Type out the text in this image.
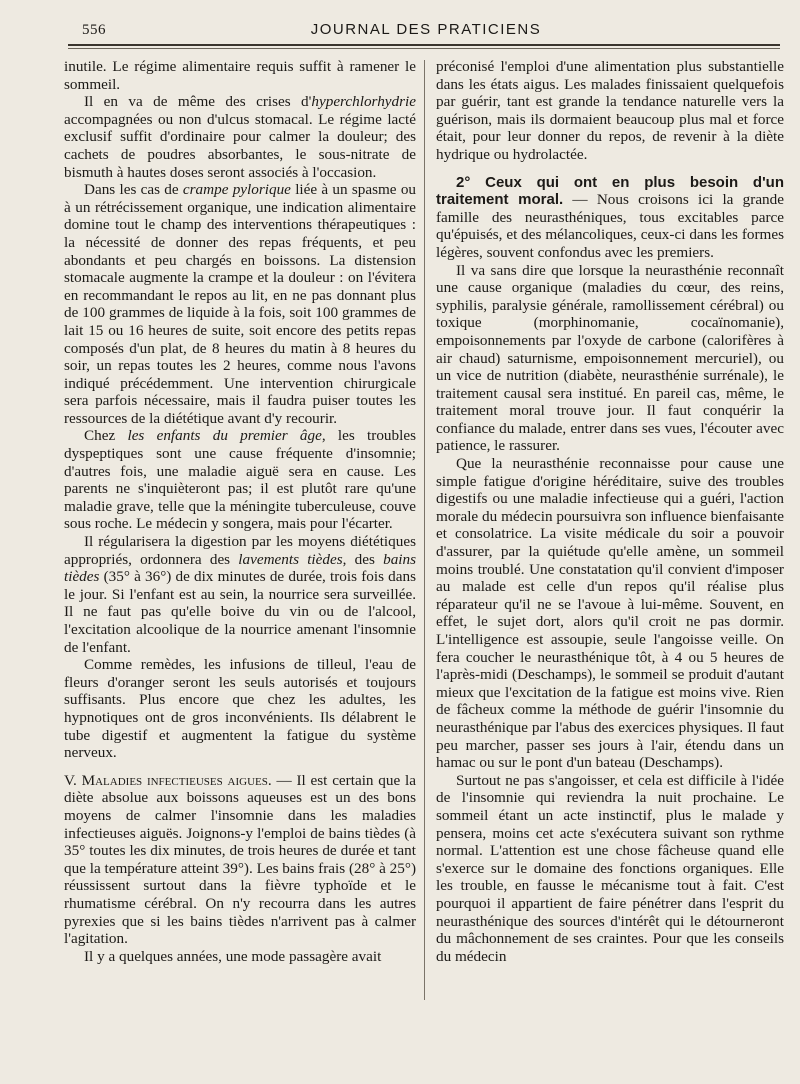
556	JOURNAL DES PRATICIENS

inutile. Le régime alimentaire requis suffit à ramener le sommeil.

Il en va de même des crises d'hyperchlorhydrie accompagnées ou non d'ulcus stomacal. Le régime lacté exclusif suffit d'ordinaire pour calmer la douleur; des cachets de poudres absorbantes, le sous-nitrate de bismuth à hautes doses seront associés à l'occasion.

Dans les cas de crampe pylorique liée à un spasme ou à un rétrécissement organique, une indication alimentaire domine tout le champ des interventions thérapeutiques : la nécessité de donner des repas fréquents, et peu abondants et peu chargés en boissons. La distension stomacale augmente la crampe et la douleur : on l'évitera en recommandant le repos au lit, en ne pas donnant plus de 100 grammes de liquide à la fois, soit 100 grammes de lait 15 ou 16 heures de suite, soit encore des petits repas composés d'un plat, de 8 heures du matin à 8 heures du soir, un repas toutes les 2 heures, comme nous l'avons indiqué précédemment. Une intervention chirurgicale sera parfois nécessaire, mais il faudra puiser toutes les ressources de la diététique avant d'y recourir.

Chez les enfants du premier âge, les troubles dyspeptiques sont une cause fréquente d'insomnie; d'autres fois, une maladie aiguë sera en cause. Les parents ne s'inquièteront pas; il est plutôt rare qu'une maladie grave, telle que la méningite tuberculeuse, couve sous roche. Le médecin y songera, mais pour l'écarter.

Il régularisera la digestion par les moyens diététiques appropriés, ordonnera des lavements tièdes, des bains tièdes (35° à 36°) de dix minutes de durée, trois fois dans le jour. Si l'enfant est au sein, la nourrice sera surveillée. Il ne faut pas qu'elle boive du vin ou de l'alcool, l'excitation alcoolique de la nourrice amenant l'insomnie de l'enfant.

Comme remèdes, les infusions de tilleul, l'eau de fleurs d'oranger seront les seuls autorisés et toujours suffisants. Plus encore que chez les adultes, les hypnotiques ont de gros inconvénients. Ils délabrent le tube digestif et augmentent la fatigue du système nerveux.

V. Maladies infectieuses aigues. — Il est certain que la diète absolue aux boissons aqueuses est un des bons moyens de calmer l'insomnie dans les maladies infectieuses aiguës. Joignons-y l'emploi de bains tièdes (à 35° toutes les dix minutes, de trois heures de durée et tant que la température atteint 39°). Les bains frais (28° à 25°) réussissent surtout dans la fièvre typhoïde et le rhumatisme cérébral. On n'y recourra dans les autres pyrexies que si les bains tièdes n'arrivent pas à calmer l'agitation.

Il y a quelques années, une mode passagère avait

préconisé l'emploi d'une alimentation plus substantielle dans les états aigus. Les malades finissaient quelquefois par guérir, tant est grande la tendance naturelle vers la guérison, mais ils dormaient beaucoup plus mal et force était, pour leur donner du repos, de revenir à la diète hydrique ou hydrolactée.

2° Ceux qui ont en plus besoin d'un traitement moral. — Nous croisons ici la grande famille des neurasthéniques, tous excitables parce qu'épuisés, et des mélancoliques, ceux-ci dans les formes légères, souvent confondus avec les premiers.

Il va sans dire que lorsque la neurasthénie reconnaît une cause organique (maladies du cœur, des reins, syphilis, paralysie générale, ramollissement cérébral) ou toxique (morphinomanie, cocaïnomanie), empoisonnements par l'oxyde de carbone (calorifères à air chaud) saturnisme, empoisonnement mercuriel), ou un vice de nutrition (diabète, neurasthénie surrénale), le traitement causal sera institué. En pareil cas, même, le traitement moral trouve jour. Il faut conquérir la confiance du malade, entrer dans ses vues, l'écouter avec patience, le rassurer.

Que la neurasthénie reconnaisse pour cause une simple fatigue d'origine héréditaire, suive des troubles digestifs ou une maladie infectieuse qui a guéri, l'action morale du médecin poursuivra son influence bienfaisante et consolatrice. La visite médicale du soir a pouvoir d'assurer, par la quiétude qu'elle amène, un sommeil moins troublé. Une constatation qu'il convient d'imposer au malade est celle d'un repos qu'il réalise plus réparateur qu'il ne se l'avoue à lui-même. Souvent, en effet, le sujet dort, alors qu'il croit ne pas dormir. L'intelligence est assoupie, seule l'angoisse veille. On fera coucher le neurasthénique tôt, à 4 ou 5 heures de l'après-midi (Deschamps), le sommeil se produit d'autant mieux que l'excitation de la fatigue est moins vive. Rien de fâcheux comme la méthode de guérir l'insomnie du neurasthénique par l'abus des exercices physiques. Il faut peu marcher, passer ses jours à l'air, étendu dans un hamac ou sur le pont d'un bateau (Deschamps).

Surtout ne pas s'angoisser, et cela est difficile à l'idée de l'insomnie qui reviendra la nuit prochaine. Le sommeil étant un acte instinctif, plus le malade y pensera, moins cet acte s'exécutera suivant son rythme normal. L'attention est une chose fâcheuse quand elle s'exerce sur le domaine des fonctions organiques. Elle les trouble, en fausse le mécanisme tout à fait. C'est pourquoi il appartient de faire pénétrer dans l'esprit du neurasthénique des sources d'intérêt qui le détourneront du mâchonnement de ses craintes. Pour que les conseils du médecin
